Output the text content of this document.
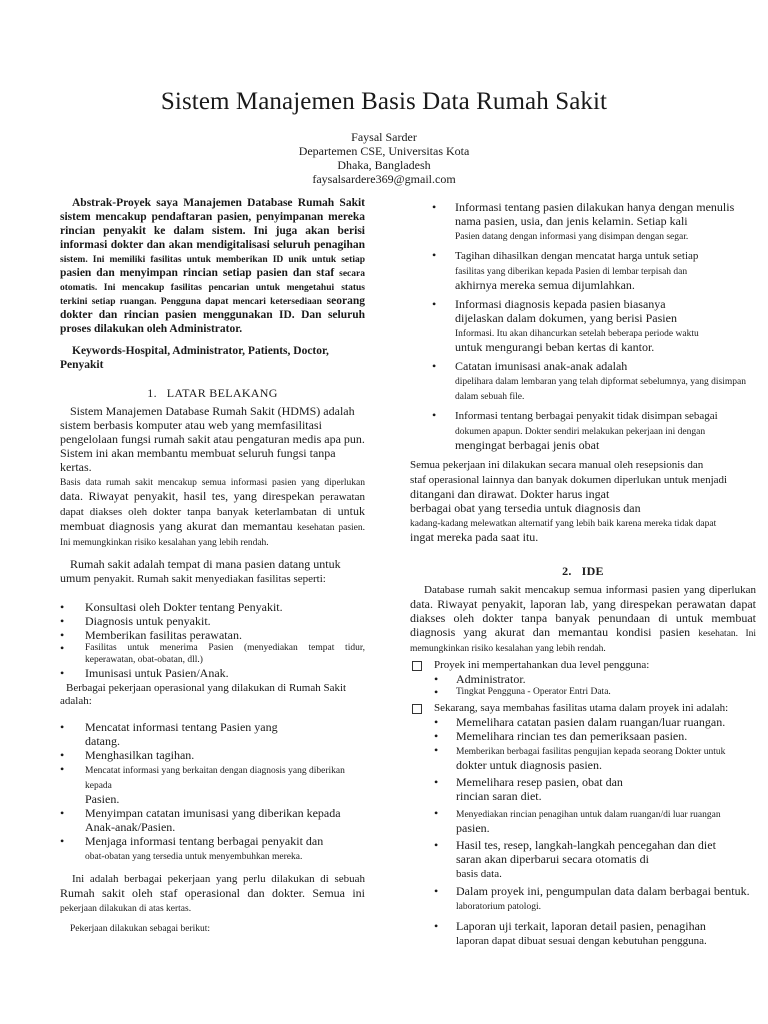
Sistem Manajemen Basis Data Rumah Sakit
Faysal Sarder
Departemen CSE, Universitas Kota
Dhaka, Bangladesh
faysalsardere369@gmail.com

Abstrak-Proyek saya Manajemen Database Rumah Sakit sistem mencakup pendaftaran pasien, penyimpanan mereka rincian penyakit ke dalam sistem. Ini juga akan berisi informasi dokter dan akan mendigitalisasi seluruh penagihan sistem. Ini memiliki fasilitas untuk memberikan ID unik untuk setiap pasien dan menyimpan rincian setiap pasien dan staf secara otomatis. Ini mencakup fasilitas pencarian untuk mengetahui status terkini setiap ruangan. Pengguna dapat mencari ketersediaan seorang dokter dan rincian pasien menggunakan ID. Dan seluruh proses dilakukan oleh Administrator.

Keywords-Hospital, Administrator, Patients, Doctor, Penyakit

1. LATAR BELAKANG

Sistem Manajemen Database Rumah Sakit (HDMS) adalah sistem berbasis komputer atau web yang memfasilitasi pengelolaan fungsi rumah sakit atau pengaturan medis apa pun. Sistem ini akan membantu membuat seluruh fungsi tanpa kertas.

Basis data rumah sakit mencakup semua informasi pasien yang diperlukan data. Riwayat penyakit, hasil tes, yang direspekan perawatan dapat diakses oleh dokter tanpa banyak keterlambatan di untuk membuat diagnosis yang akurat dan memantau kesehatan pasien. Ini memungkinkan risiko kesalahan yang lebih rendah.

Rumah sakit adalah tempat di mana pasien datang untuk umum penyakit. Rumah sakit menyediakan fasilitas seperti:

• Konsultasi oleh Dokter tentang Penyakit.
• Diagnosis untuk penyakit.
• Memberikan fasilitas perawatan.
• Fasilitas untuk menerima Pasien (menyediakan tempat tidur, keperawatan, obat-obatan, dll.)
• Imunisasi untuk Pasien/Anak.

Berbagai pekerjaan operasional yang dilakukan di Rumah Sakit adalah:

• Mencatat informasi tentang Pasien yang
datang.
• Menghasilkan tagihan.
• Mencatat informasi yang berkaitan dengan diagnosis yang diberikan kepada
Pasien.
• Menyimpan catatan imunisasi yang diberikan kepada
Anak-anak/Pasien.
• Menjaga informasi tentang berbagai penyakit dan
obat-obatan yang tersedia untuk menyembuhkan mereka.

Ini adalah berbagai pekerjaan yang perlu dilakukan di sebuah Rumah sakit oleh staf operasional dan dokter. Semua ini pekerjaan dilakukan di atas kertas.

Pekerjaan dilakukan sebagai berikut:

• Informasi tentang pasien dilakukan hanya dengan menulis
nama pasien, usia, dan jenis kelamin. Setiap kali
Pasien datang dengan informasi yang disimpan dengan segar.
• Tagihan dihasilkan dengan mencatat harga untuk setiap
fasilitas yang diberikan kepada Pasien di lembar terpisah dan
akhirnya mereka semua dijumlahkan.
• Informasi diagnosis kepada pasien biasanya
dijelaskan dalam dokumen, yang berisi Pasien
Informasi. Itu akan dihancurkan setelah beberapa periode waktu
untuk mengurangi beban kertas di kantor.
• Catatan imunisasi anak-anak adalah
dipelihara dalam lembaran yang telah dipformat sebelumnya, yang disimpan
dalam sebuah file.
• Informasi tentang berbagai penyakit tidak disimpan sebagai
dokumen apapun. Dokter sendiri melakukan pekerjaan ini dengan
mengingat berbagai jenis obat

Semua pekerjaan ini dilakukan secara manual oleh resepsionis dan
staf operasional lainnya dan banyak dokumen diperlukan untuk menjadi
ditangani dan dirawat. Dokter harus ingat
berbagai obat yang tersedia untuk diagnosis dan
kadang-kadang melewatkan alternatif yang lebih baik karena mereka tidak dapat
ingat mereka pada saat itu.

2. IDE

Database rumah sakit mencakup semua informasi pasien yang diperlukan data. Riwayat penyakit, laporan lab, yang direspekan perawatan dapat diakses oleh dokter tanpa banyak penundaan di untuk membuat diagnosis yang akurat dan memantau kondisi pasien kesehatan. Ini memungkinkan risiko kesalahan yang lebih rendah.

Proyek ini mempertahankan dua level pengguna:

• Administrator.
• Tingkat Pengguna - Operator Entri Data.

Sekarang, saya membahas fasilitas utama dalam proyek ini adalah:

• Memelihara catatan pasien dalam ruangan/luar ruangan.
• Memelihara rincian tes dan pemeriksaan pasien.
• Memberikan berbagai fasilitas pengujian kepada seorang Dokter untuk
dokter untuk diagnosis pasien.
• Memelihara resep pasien, obat dan
rincian saran diet.
• Menyediakan rincian penagihan untuk dalam ruangan/di luar ruangan
pasien.
• Hasil tes, resep, langkah-langkah pencegahan dan diet
saran akan diperbarui secara otomatis di
basis data.
• Dalam proyek ini, pengumpulan data dalam berbagai bentuk.
laboratorium patologi.
• Laporan uji terkait, laporan detail pasien, penagihan
laporan dapat dibuat sesuai dengan kebutuhan pengguna.
